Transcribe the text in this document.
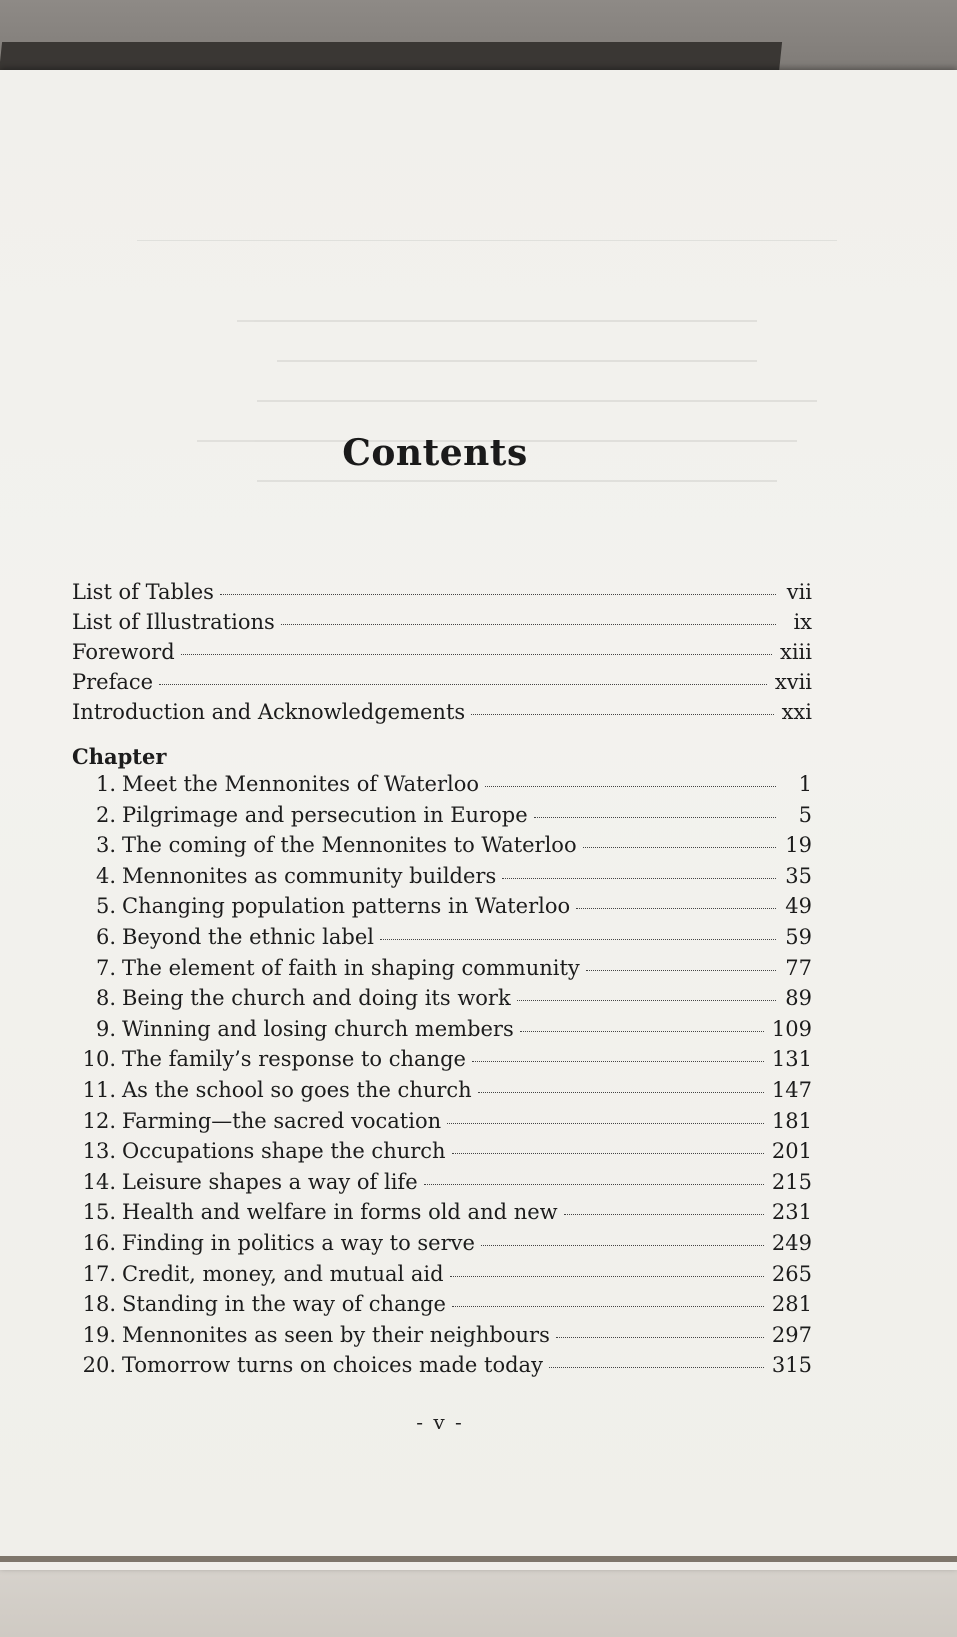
Contents
List of Tables	vii
List of Illustrations	ix
Foreword	xiii
Preface	xvii
Introduction and Acknowledgements	xxi
Chapter
1. Meet the Mennonites of Waterloo	1
2. Pilgrimage and persecution in Europe	5
3. The coming of the Mennonites to Waterloo	19
4. Mennonites as community builders	35
5. Changing population patterns in Waterloo	49
6. Beyond the ethnic label	59
7. The element of faith in shaping community	77
8. Being the church and doing its work	89
9. Winning and losing church members	109
10. The family’s response to change	131
11. As the school so goes the church	147
12. Farming—the sacred vocation	181
13. Occupations shape the church	201
14. Leisure shapes a way of life	215
15. Health and welfare in forms old and new	231
16. Finding in politics a way to serve	249
17. Credit, money, and mutual aid	265
18. Standing in the way of change	281
19. Mennonites as seen by their neighbours	297
20. Tomorrow turns on choices made today	315
- v -
